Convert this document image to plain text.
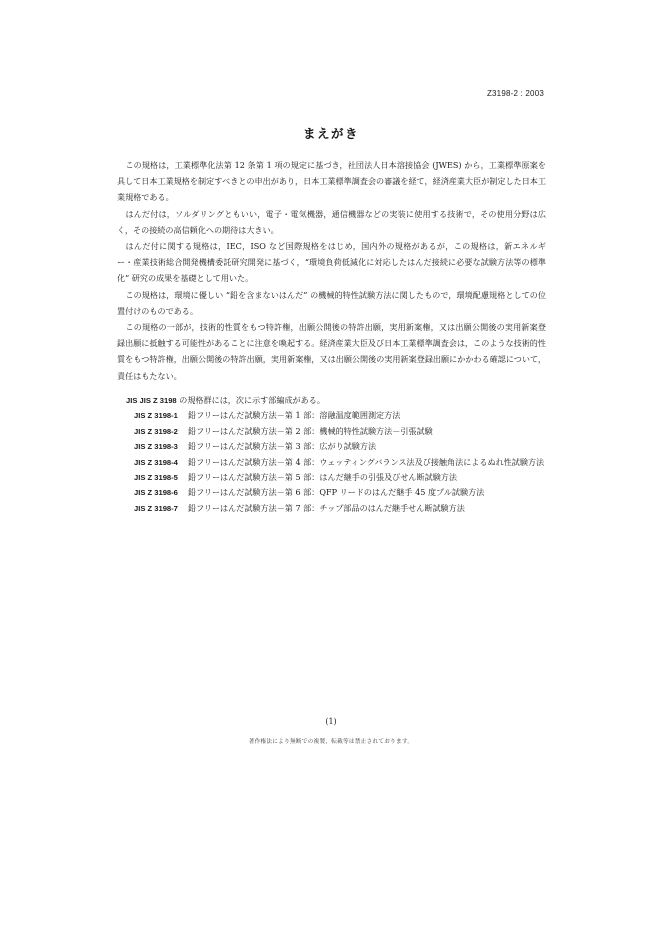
Z3198-2 : 2003
まえがき

この規格は，工業標準化法第 12 条第 1 項の規定に基づき，社団法人日本溶接協会 (JWES) から，工業標準原案を具して日本工業規格を制定すべきとの申出があり，日本工業標準調査会の審議を経て，経済産業大臣が制定した日本工業規格である。

はんだ付は，ソルダリングともいい，電子・電気機器，通信機器などの実装に使用する技術で，その使用分野は広く，その接続の高信頼化への期待は大きい。

はんだ付に関する規格は，IEC，ISO など国際規格をはじめ，国内外の規格があるが，この規格は，新エネルギー・産業技術総合開発機構委託研究開発に基づく，“環境負荷低減化に対応したはんだ接続に必要な試験方法等の標準化” 研究の成果を基礎として用いた。

この規格は，環境に優しい “鉛を含まないはんだ” の機械的特性試験方法に関したもので，環境配慮規格としての位置付けのものである。

この規格の一部が，技術的性質をもつ特許権，出願公開後の特許出願，実用新案権，又は出願公開後の実用新案登録出願に抵触する可能性があることに注意を喚起する。経済産業大臣及び日本工業標準調査会は，このような技術的性質をもつ特許権，出願公開後の特許出願，実用新案権，又は出願公開後の実用新案登録出願にかかわる確認について，責任はもたない。

JIS JIS Z 3198 の規格群には，次に示す部編成がある。

JIS Z 3198-1	鉛フリーはんだ試験方法－第 1 部：溶融温度範囲測定方法
JIS Z 3198-2	鉛フリーはんだ試験方法－第 2 部：機械的特性試験方法－引張試験
JIS Z 3198-3	鉛フリーはんだ試験方法－第 3 部：広がり試験方法
JIS Z 3198-4	鉛フリーはんだ試験方法－第 4 部：ウェッティングバランス法及び接触角法によるぬれ性試験方法
JIS Z 3198-5	鉛フリーはんだ試験方法－第 5 部：はんだ継手の引張及びせん断試験方法
JIS Z 3198-6	鉛フリーはんだ試験方法－第 6 部：QFP リードのはんだ継手 45 度プル試験方法
JIS Z 3198-7	鉛フリーはんだ試験方法－第 7 部：チップ部品のはんだ継手せん断試験方法
(1)
著作権法により無断での複製，転載等は禁止されております。
